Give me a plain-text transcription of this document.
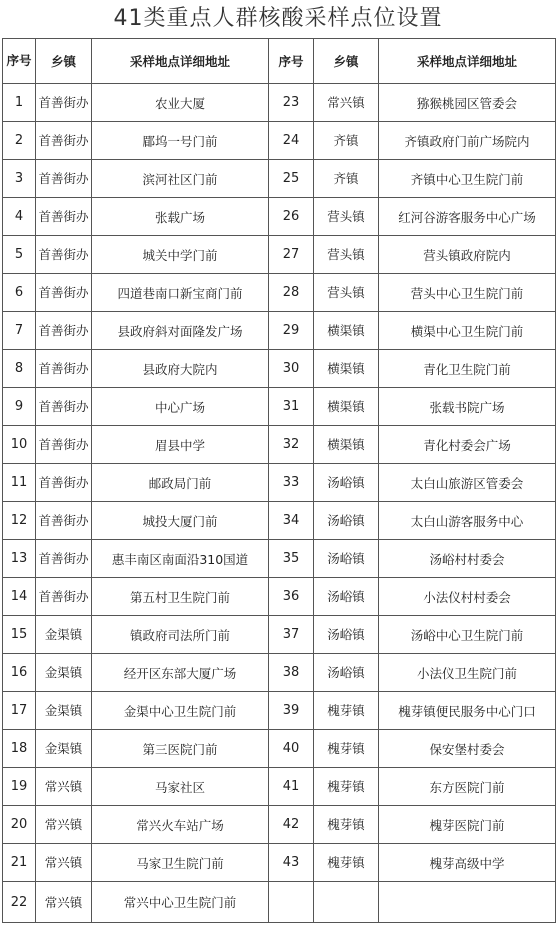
41类重点人群核酸采样点位设置
序号	乡镇	采样地点详细地址	序号	乡镇	采样地点详细地址
1	首善街办	农业大厦	23	常兴镇	猕猴桃园区管委会
2	首善街办	郿坞一号门前	24	齐镇	齐镇政府门前广场院内
3	首善街办	滨河社区门前	25	齐镇	齐镇中心卫生院门前
4	首善街办	张载广场	26	营头镇	红河谷游客服务中心广场
5	首善街办	城关中学门前	27	营头镇	营头镇政府院内
6	首善街办	四道巷南口新宝商门前	28	营头镇	营头中心卫生院门前
7	首善街办	县政府斜对面隆发广场	29	横渠镇	横渠中心卫生院门前
8	首善街办	县政府大院内	30	横渠镇	青化卫生院门前
9	首善街办	中心广场	31	横渠镇	张载书院广场
10	首善街办	眉县中学	32	横渠镇	青化村委会广场
11	首善街办	邮政局门前	33	汤峪镇	太白山旅游区管委会
12	首善街办	城投大厦门前	34	汤峪镇	太白山游客服务中心
13	首善街办	惠丰南区南面沿310国道	35	汤峪镇	汤峪村村委会
14	首善街办	第五村卫生院门前	36	汤峪镇	小法仪村村委会
15	金渠镇	镇政府司法所门前	37	汤峪镇	汤峪中心卫生院门前
16	金渠镇	经开区东部大厦广场	38	汤峪镇	小法仪卫生院门前
17	金渠镇	金渠中心卫生院门前	39	槐芽镇	槐芽镇便民服务中心门口
18	金渠镇	第三医院门前	40	槐芽镇	保安堡村委会
19	常兴镇	马家社区	41	槐芽镇	东方医院门前
20	常兴镇	常兴火车站广场	42	槐芽镇	槐芽医院门前
21	常兴镇	马家卫生院门前	43	槐芽镇	槐芽高级中学
22	常兴镇	常兴中心卫生院门前			
